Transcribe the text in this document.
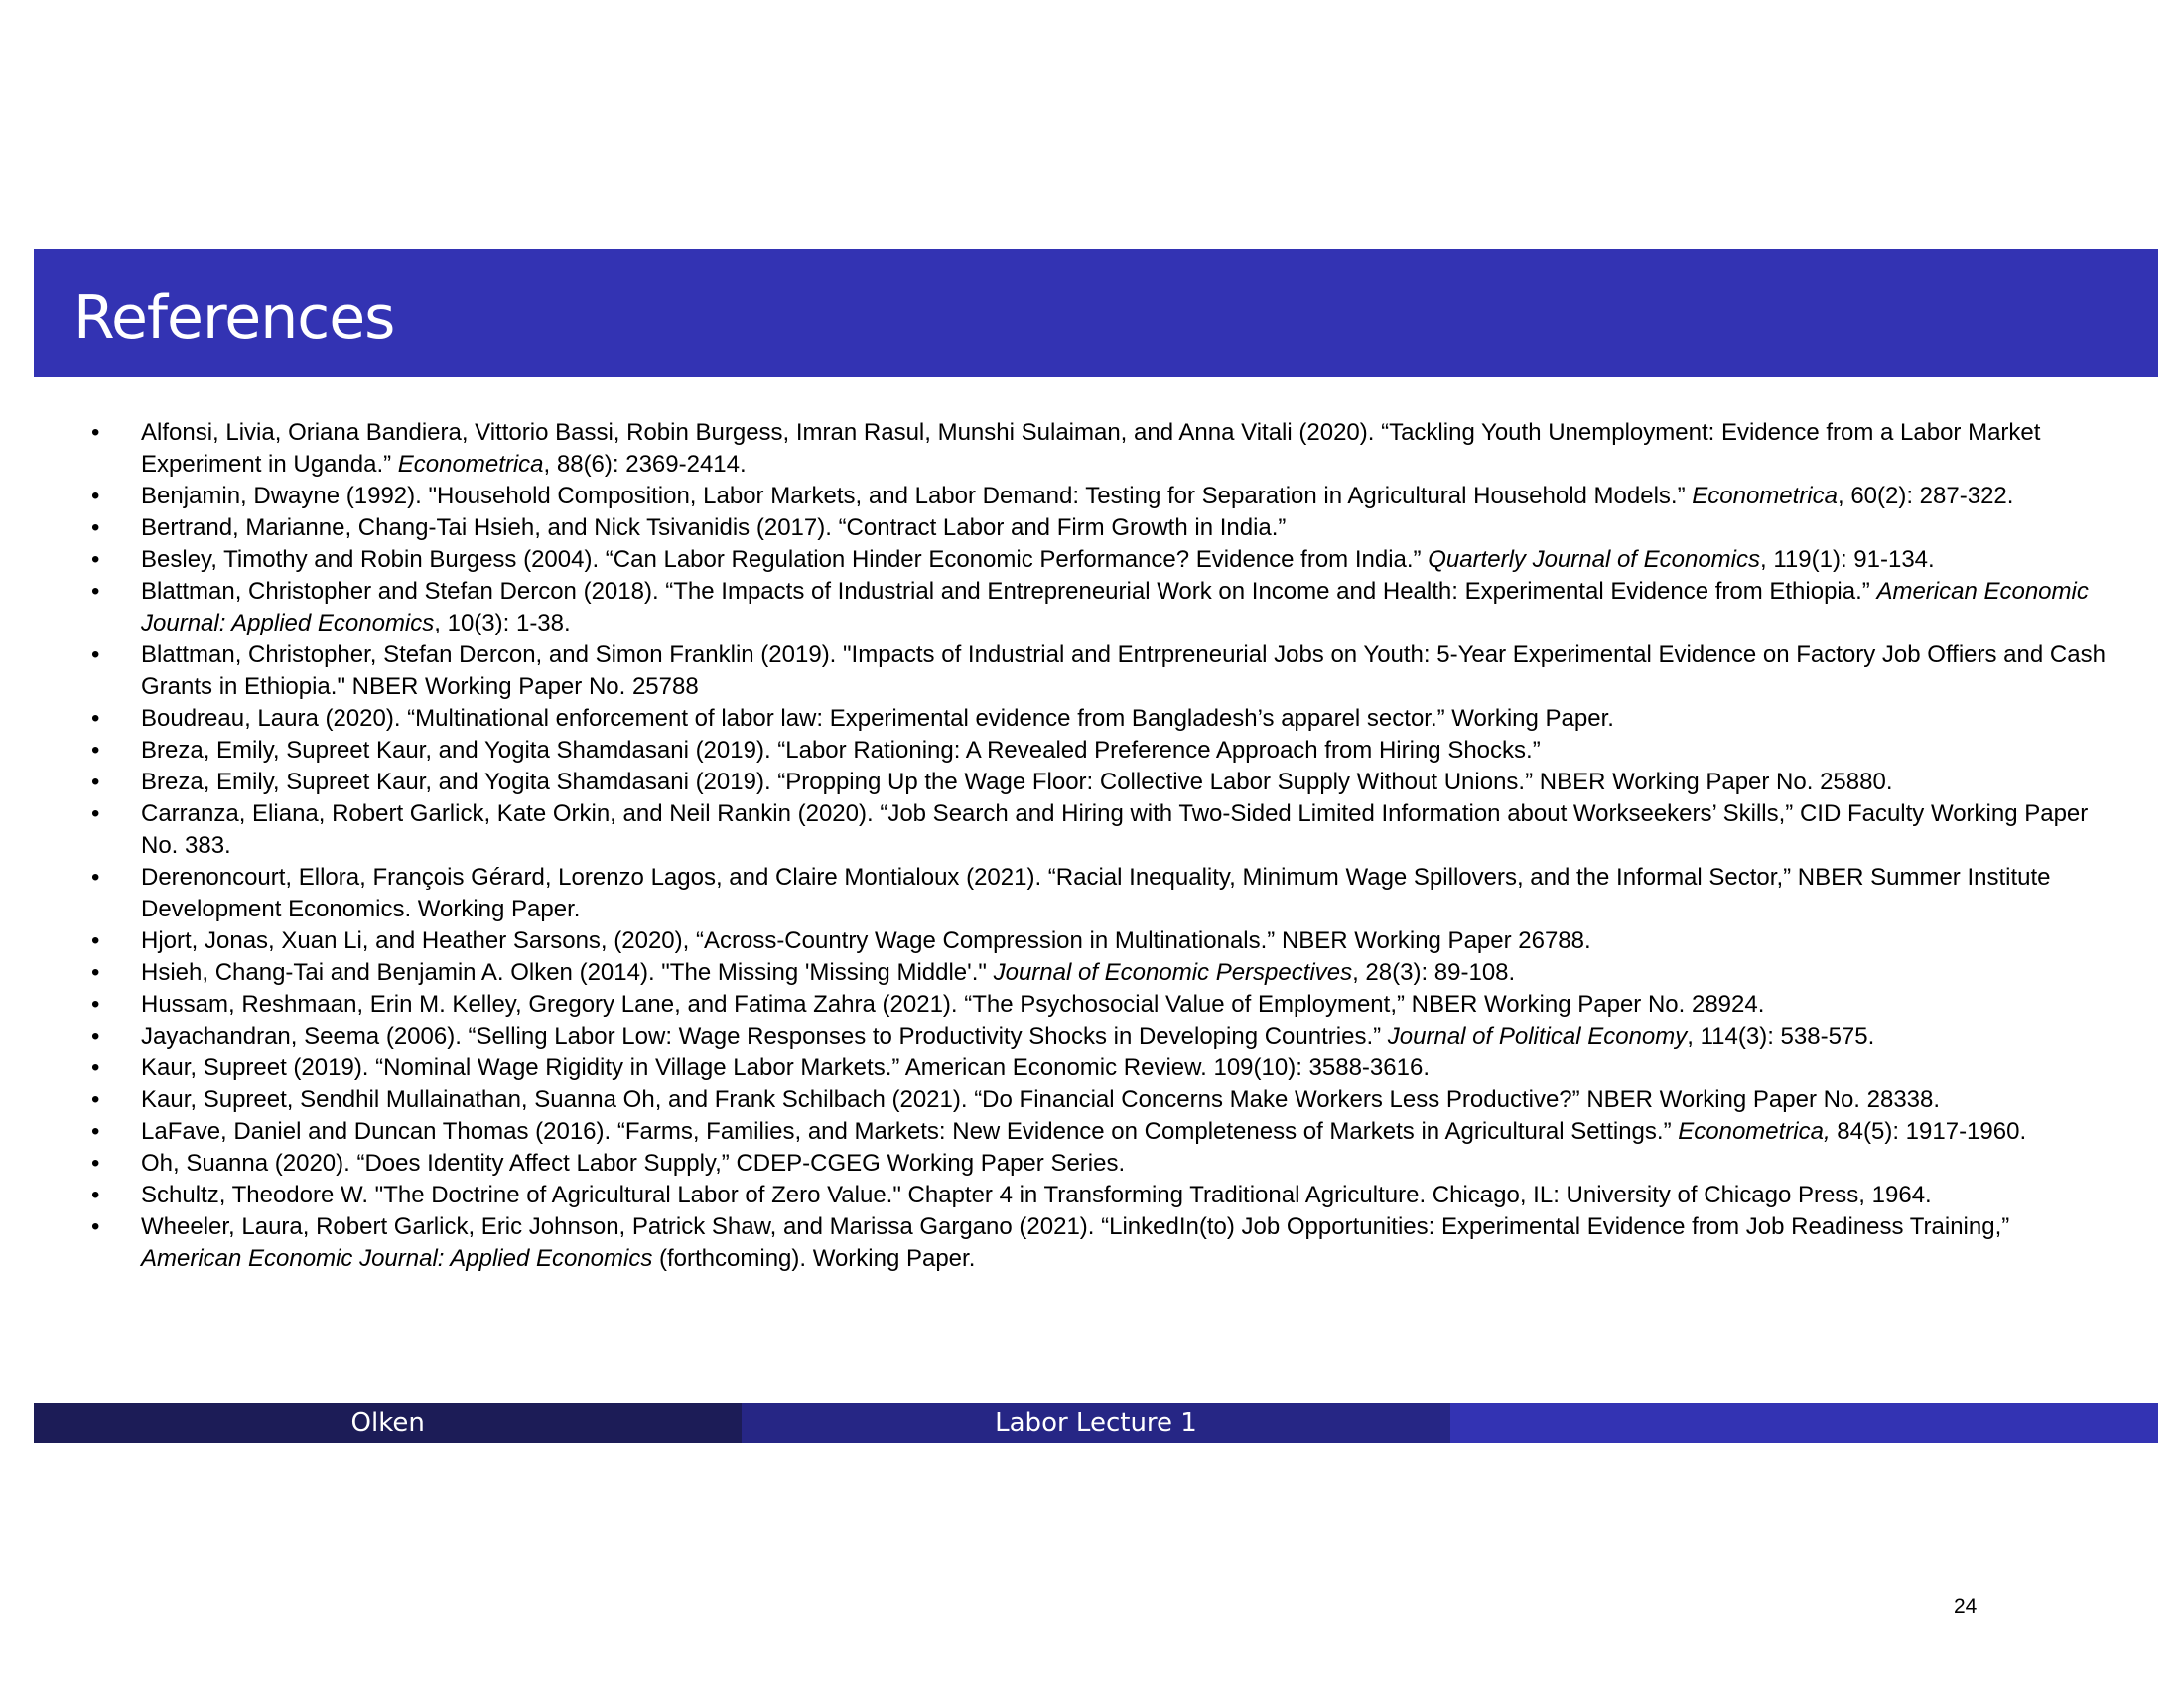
References
• Alfonsi, Livia, Oriana Bandiera, Vittorio Bassi, Robin Burgess, Imran Rasul, Munshi Sulaiman, and Anna Vitali (2020). “Tackling Youth Unemployment: Evidence from a Labor Market Experiment in Uganda.” Econometrica, 88(6): 2369-2414.
• Benjamin, Dwayne (1992). "Household Composition, Labor Markets, and Labor Demand: Testing for Separation in Agricultural Household Models.” Econometrica, 60(2): 287-322.
• Bertrand, Marianne, Chang-Tai Hsieh, and Nick Tsivanidis (2017). “Contract Labor and Firm Growth in India.”
• Besley, Timothy and Robin Burgess (2004). “Can Labor Regulation Hinder Economic Performance? Evidence from India.” Quarterly Journal of Economics, 119(1): 91-134.
• Blattman, Christopher and Stefan Dercon (2018). “The Impacts of Industrial and Entrepreneurial Work on Income and Health: Experimental Evidence from Ethiopia.” American Economic Journal: Applied Economics, 10(3): 1-38.
• Blattman, Christopher, Stefan Dercon, and Simon Franklin (2019). "Impacts of Industrial and Entrpreneurial Jobs on Youth: 5-Year Experimental Evidence on Factory Job Offiers and Cash Grants in Ethiopia." NBER Working Paper No. 25788
• Boudreau, Laura (2020). “Multinational enforcement of labor law: Experimental evidence from Bangladesh’s apparel sector.” Working Paper.
• Breza, Emily, Supreet Kaur, and Yogita Shamdasani (2019). “Labor Rationing: A Revealed Preference Approach from Hiring Shocks.”
• Breza, Emily, Supreet Kaur, and Yogita Shamdasani (2019). “Propping Up the Wage Floor: Collective Labor Supply Without Unions.” NBER Working Paper No. 25880.
• Carranza, Eliana, Robert Garlick, Kate Orkin, and Neil Rankin (2020). “Job Search and Hiring with Two-Sided Limited Information about Workseekers’ Skills,” CID Faculty Working Paper No. 383.
• Derenoncourt, Ellora, François Gérard, Lorenzo Lagos, and Claire Montialoux (2021). “Racial Inequality, Minimum Wage Spillovers, and the Informal Sector,” NBER Summer Institute Development Economics. Working Paper.
• Hjort, Jonas, Xuan Li, and Heather Sarsons, (2020), “Across-Country Wage Compression in Multinationals.” NBER Working Paper 26788.
• Hsieh, Chang-Tai and Benjamin A. Olken (2014). "The Missing 'Missing Middle'." Journal of Economic Perspectives, 28(3): 89-108.
• Hussam, Reshmaan, Erin M. Kelley, Gregory Lane, and Fatima Zahra (2021). “The Psychosocial Value of Employment,” NBER Working Paper No. 28924.
• Jayachandran, Seema (2006). “Selling Labor Low: Wage Responses to Productivity Shocks in Developing Countries.” Journal of Political Economy, 114(3): 538-575.
• Kaur, Supreet (2019). “Nominal Wage Rigidity in Village Labor Markets.” American Economic Review. 109(10): 3588-3616.
• Kaur, Supreet, Sendhil Mullainathan, Suanna Oh, and Frank Schilbach (2021). “Do Financial Concerns Make Workers Less Productive?” NBER Working Paper No. 28338.
• LaFave, Daniel and Duncan Thomas (2016). “Farms, Families, and Markets: New Evidence on Completeness of Markets in Agricultural Settings.” Econometrica, 84(5): 1917-1960.
• Oh, Suanna (2020). “Does Identity Affect Labor Supply,” CDEP-CGEG Working Paper Series.
• Schultz, Theodore W. "The Doctrine of Agricultural Labor of Zero Value." Chapter 4 in Transforming Traditional Agriculture. Chicago, IL: University of Chicago Press, 1964.
• Wheeler, Laura, Robert Garlick, Eric Johnson, Patrick Shaw, and Marissa Gargano (2021). “LinkedIn(to) Job Opportunities: Experimental Evidence from Job Readiness Training,” American Economic Journal: Applied Economics (forthcoming). Working Paper.
Olken	Labor Lecture 1
24
